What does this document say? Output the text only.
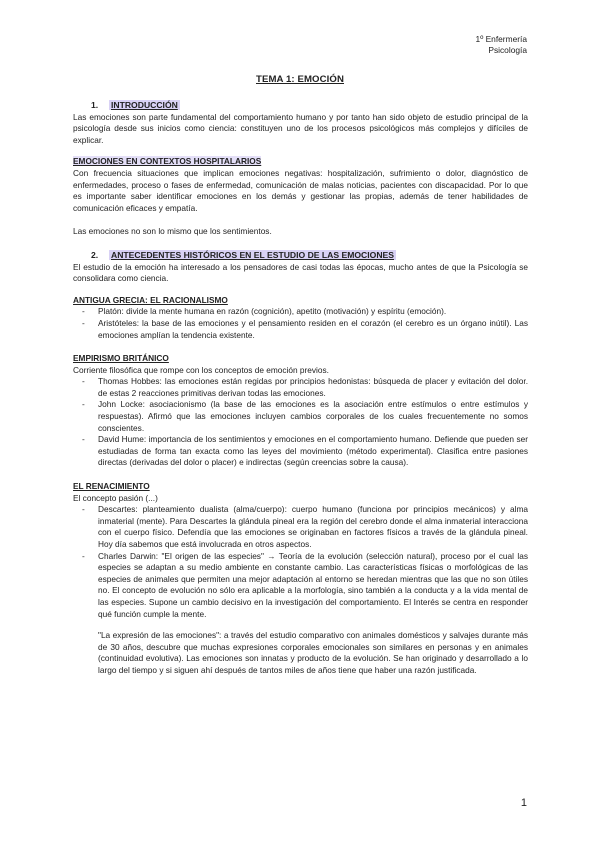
1º Enfermería
Psicología
TEMA 1: EMOCIÓN
1. INTRODUCCIÓN

Las emociones son parte fundamental del comportamiento humano y por tanto han sido objeto de estudio principal de la psicología desde sus inicios como ciencia: constituyen uno de los procesos psicológicos más complejos y difíciles de explicar.

EMOCIONES EN CONTEXTOS HOSPITALARIOS

Con frecuencia situaciones que implican emociones negativas: hospitalización, sufrimiento o dolor, diagnóstico de enfermedades, proceso o fases de enfermedad, comunicación de malas noticias, pacientes con discapacidad. Por lo que es importante saber identificar emociones en los demás y gestionar las propias, además de tener habilidades de comunicación eficaces y empatía.

Las emociones no son lo mismo que los sentimientos.

2. ANTECEDENTES HISTÓRICOS EN EL ESTUDIO DE LAS EMOCIONES

El estudio de la emoción ha interesado a los pensadores de casi todas las épocas, mucho antes de que la Psicología se consolidara como ciencia.

ANTIGUA GRECIA: EL RACIONALISMO
- Platón: divide la mente humana en razón (cognición), apetito (motivación) y espíritu (emoción).
- Aristóteles: la base de las emociones y el pensamiento residen en el corazón (el cerebro es un órgano inútil). Las emociones amplían la tendencia existente.
EMPIRISMO BRITÁNICO

Corriente filosófica que rompe con los conceptos de emoción previos.

- Thomas Hobbes: las emociones están regidas por principios hedonistas: búsqueda de placer y evitación del dolor. de estas 2 reacciones primitivas derivan todas las emociones.
- John Locke: asociacionismo (la base de las emociones es la asociación entre estímulos o entre estímulos y respuestas). Afirmó que las emociones incluyen cambios corporales de los cuales frecuentemente no somos conscientes.
- David Hume: importancia de los sentimientos y emociones en el comportamiento humano. Defiende que pueden ser estudiadas de forma tan exacta como las leyes del movimiento (método experimental). Clasifica entre pasiones directas (derivadas del dolor o placer) e indirectas (según creencias sobre la causa).
EL RENACIMIENTO

El concepto pasión (...)

- Descartes: planteamiento dualista (alma/cuerpo): cuerpo humano (funciona por principios mecánicos) y alma inmaterial (mente). Para Descartes la glándula pineal era la región del cerebro donde el alma inmaterial interacciona con el cuerpo físico. Defendía que las emociones se originaban en factores físicos a través de la glándula pineal. Hoy día sabemos que está involucrada en otros aspectos.
- Charles Darwin: "El origen de las especies" → Teoría de la evolución (selección natural), proceso por el cual las especies se adaptan a su medio ambiente en constante cambio. Las características físicas o morfológicas de las especies de animales que permiten una mejor adaptación al entorno se heredan mientras que las que no son útiles no. El concepto de evolución no sólo era aplicable a la morfología, sino también a la conducta y a la vida mental de las especies. Supone un cambio decisivo en la investigación del comportamiento. El Interés se centra en responder qué función cumple la mente.

"La expresión de las emociones": a través del estudio comparativo con animales domésticos y salvajes durante más de 30 años, descubre que muchas expresiones corporales emocionales son similares en personas y en animales (continuidad evolutiva). Las emociones son innatas y producto de la evolución. Se han originado y desarrollado a lo largo del tiempo y si siguen ahí después de tantos miles de años tiene que haber una razón justificada.

1
